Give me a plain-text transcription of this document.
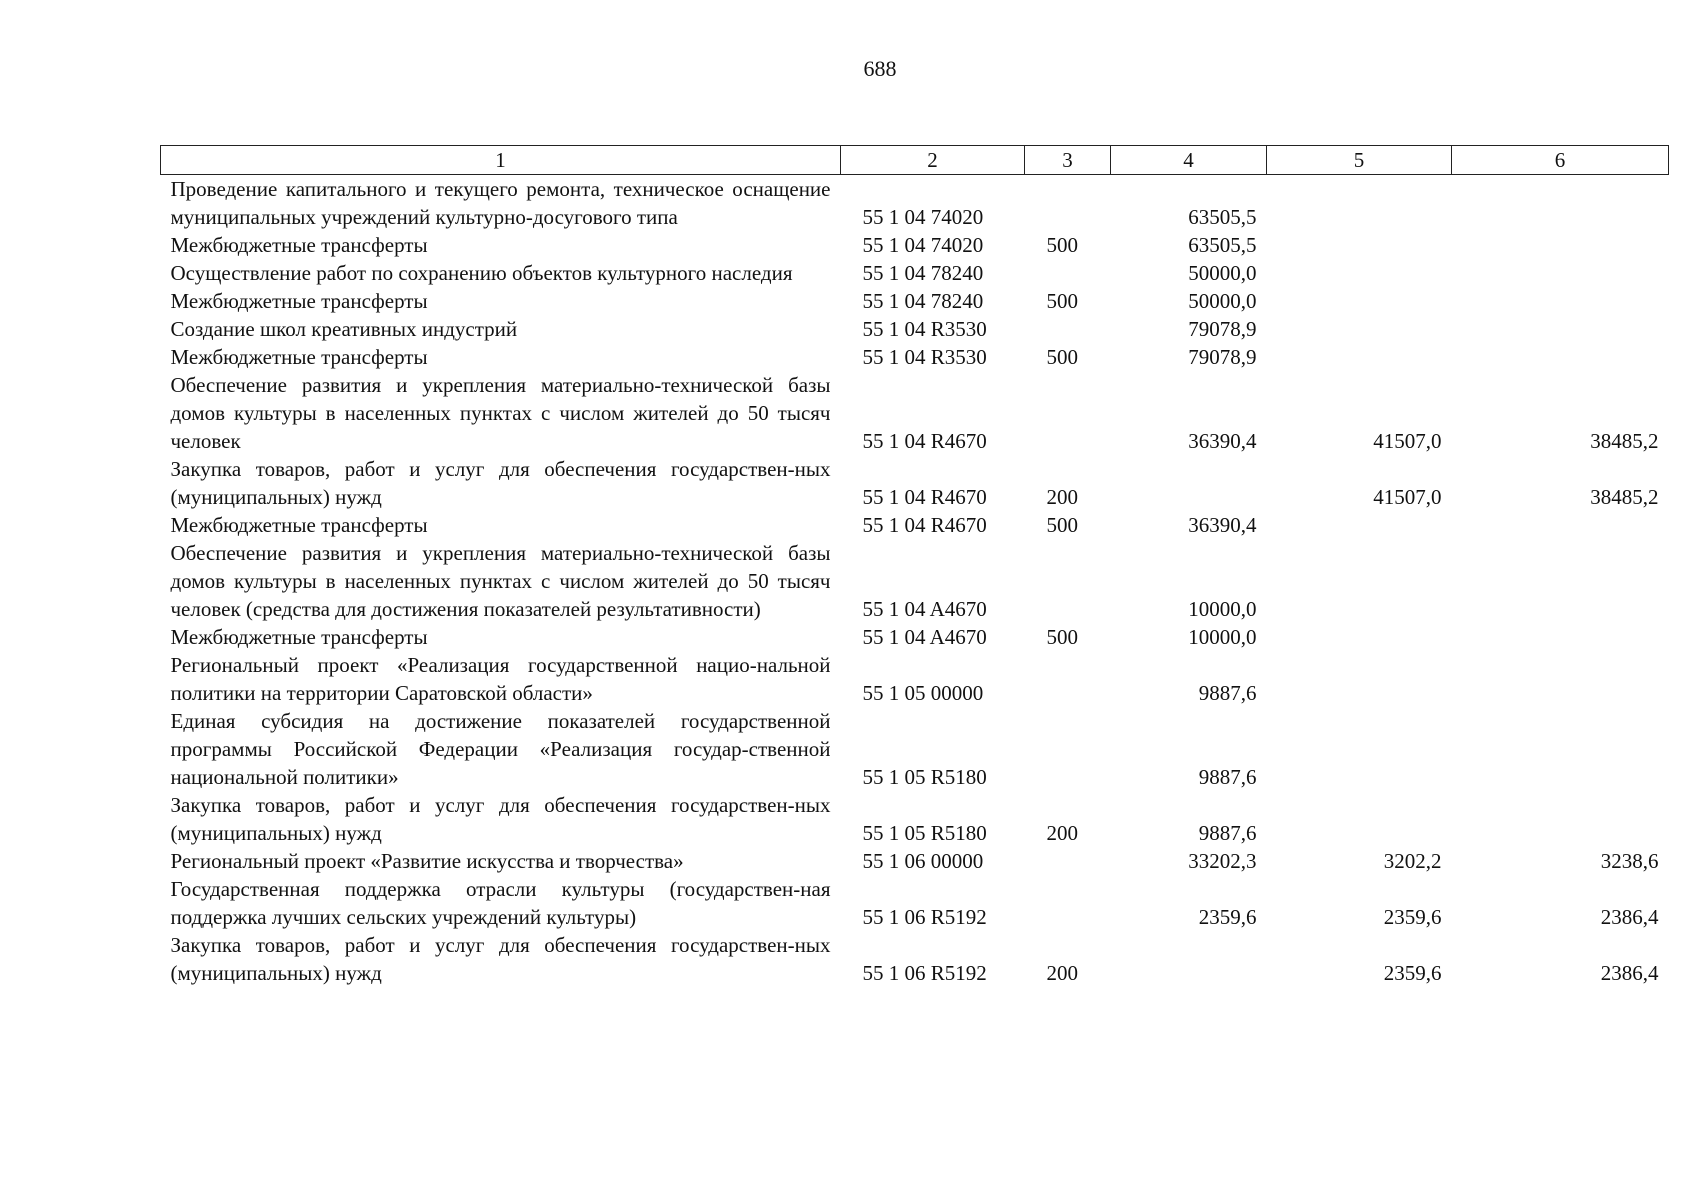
688
1	2	3	4	5	6
Проведение капитального и текущего ремонта, техническое оснащение муниципальных учреждений культурно-досугового типа	55 1 04 74020		63505,5		
Межбюджетные трансферты	55 1 04 74020	500	63505,5		
Осуществление работ по сохранению объектов культурного наследия	55 1 04 78240		50000,0		
Межбюджетные трансферты	55 1 04 78240	500	50000,0		
Создание школ креативных индустрий	55 1 04 R3530		79078,9		
Межбюджетные трансферты	55 1 04 R3530	500	79078,9		
Обеспечение развития и укрепления материально-технической базы домов культуры в населенных пунктах с числом жителей до 50 тысяч человек	55 1 04 R4670		36390,4	41507,0	38485,2
Закупка товаров, работ и услуг для обеспечения государствен-ных (муниципальных) нужд	55 1 04 R4670	200		41507,0	38485,2
Межбюджетные трансферты	55 1 04 R4670	500	36390,4		
Обеспечение развития и укрепления материально-технической базы домов культуры в населенных пунктах с числом жителей до 50 тысяч человек (средства для достижения показателей результативности)	55 1 04 A4670		10000,0		
Межбюджетные трансферты	55 1 04 A4670	500	10000,0		
Региональный проект «Реализация государственной нацио-нальной политики на территории Саратовской области»	55 1 05 00000		9887,6		
Единая субсидия на достижение показателей государственной программы Российской Федерации «Реализация государ-ственной национальной политики»	55 1 05 R5180		9887,6		
Закупка товаров, работ и услуг для обеспечения государствен-ных (муниципальных) нужд	55 1 05 R5180	200	9887,6		
Региональный проект «Развитие искусства и творчества»	55 1 06 00000		33202,3	3202,2	3238,6
Государственная поддержка отрасли культуры (государствен-ная поддержка лучших сельских учреждений культуры)	55 1 06 R5192		2359,6	2359,6	2386,4
Закупка товаров, работ и услуг для обеспечения государствен-ных (муниципальных) нужд	55 1 06 R5192	200		2359,6	2386,4
